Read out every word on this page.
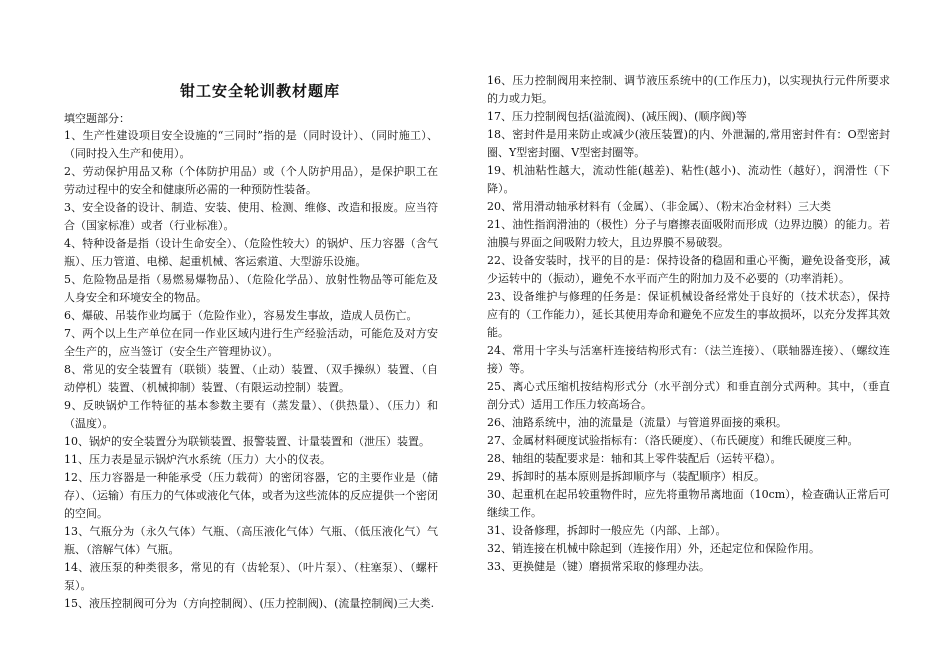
钳工安全轮训教材题库
填空题部分：
1、生产性建设项目安全设施的“三同时”指的是（同时设计）、（同时施工）、（同时投入生产和使用）。
2、劳动保护用品又称（个体防护用品）或（个人防护用品），是保护职工在劳动过程中的安全和健康所必需的一种预防性装备。
3、安全设备的设计、制造、安装、使用、检测、维修、改造和报废。应当符合（国家标准）或者（行业标准）。
4、特种设备是指（设计生命安全）、（危险性较大）的锅炉、压力容器（含气瓶）、压力管道、电梯、起重机械、客运索道、大型游乐设施。
5、危险物品是指（易燃易爆物品）、（危险化学品）、放射性物品等可能危及人身安全和环境安全的物品。
6、爆破、吊装作业均属于（危险作业），容易发生事故，造成人员伤亡。
7、两个以上生产单位在同一作业区域内进行生产经验活动，可能危及对方安全生产的，应当签订（安全生产管理协议）。
8、常见的安全装置有（联锁）装置、（止动）装置、（双手操纵）装置、（自动停机）装置、（机械抑制）装置、（有限运动控制）装置。
9、反映锅炉工作特征的基本参数主要有（蒸发量）、（供热量）、（压力）和（温度）。
10、锅炉的安全装置分为联锁装置、报警装置、计量装置和（泄压）装置。
11、压力表是显示锅炉汽水系统（压力）大小的仪表。
12、压力容器是一种能承受（压力载荷）的密闭容器，它的主要作业是（储存）、（运输）有压力的气体或液化气体，或者为这些流体的反应提供一个密闭的空间。
13、气瓶分为（永久气体）气瓶、（高压液化气体）气瓶、（低压液化气）气瓶、（溶解气体）气瓶。
14、液压泵的种类很多，常见的有（齿轮泵）、（叶片泵）、（柱塞泵）、（螺杆泵）。
15、液压控制阀可分为（方向控制阀）、(压力控制阀)、(流量控制阀)三大类.
16、压力控制阀用来控制、调节液压系统中的(工作压力)，以实现执行元件所要求的力或力矩。
17、压力控制阀包括(溢流阀)、(减压阀)、(顺序阀)等
18、密封件是用来防止或减少(液压装置)的内、外泄漏的,常用密封件有：O型密封圈、Y型密封圈、V型密封圈等。
19、机油粘性越大，流动性能(越差)、粘性(越小)、流动性（越好），润滑性（下降）。
20、常用滑动轴承材料有（金属）、（非金属）、（粉末冶金材料）三大类
21、油性指润滑油的（极性）分子与磨擦表面吸附而形成（边界边膜）的能力。若油膜与界面之间吸附力较大，且边界膜不易破裂。
22、设备安装时，找平的目的是：保持设备的稳固和重心平衡，避免设备变形，减少运转中的（振动），避免不水平而产生的附加力及不必要的（功率消耗）。
23、设备维护与修理的任务是：保证机械设备经常处于良好的（技术状态），保持应有的（工作能力），延长其使用寿命和避免不应发生的事故损坏，以充分发挥其效能。
24、常用十字头与活塞杆连接结构形式有：（法兰连接）、（联轴器连接）、（螺纹连接）等。
25、离心式压缩机按结构形式分（水平剖分式）和垂直剖分式两种。其中，（垂直剖分式）适用工作压力较高场合。
26、油路系统中，油的流量是（流量）与管道界面接的乘积。
27、金属材料硬度试验指标有：（洛氏硬度）、（布氏硬度）和维氏硬度三种。
28、轴组的装配要求是：轴和其上零件装配后（运转平稳）。
29、拆卸时的基本原则是拆卸顺序与（装配顺序）相反。
30、起重机在起吊较重物件时，应先将重物吊离地面（10cm），检查确认正常后可继续工作。
31、设备修理，拆卸时一般应先（内部、上部）。
32、销连接在机械中除起到（连接作用）外，还起定位和保险作用。
33、更换健是（键）磨损常采取的修理办法。
